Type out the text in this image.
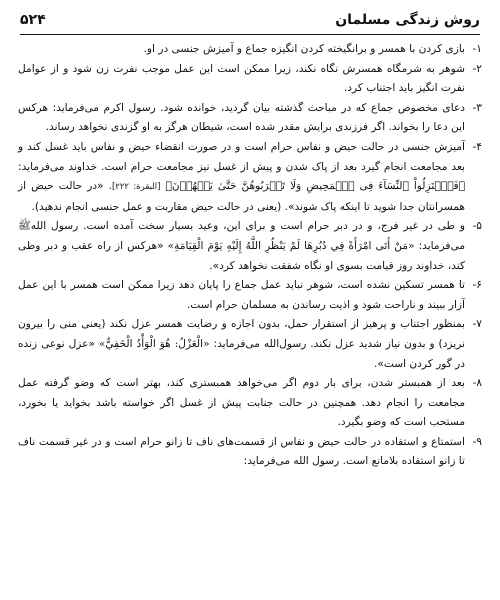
روش زندگی مسلمان
۵۲۴
۱-
بازی کردن با همسر و برانگیخته کردن انگیزه جماع و آمیزش جنسی در او.
۲-
شوهر به شرمگاه همسرش نگاه نکند، زیرا ممکن است این عمل موجب نفرت زن شود و از عوامل نفرت انگیز باید اجتناب کرد.
۳-
دعای مخصوص جماع که در مباحث گذشته بیان گردید، خوانده شود. رسول اکرم می‌فرماید: هرکس این دعا را بخواند. اگر فرزندی برایش مقدر شده است، شیطان هرگز به او گزندی نخواهد رساند.
۴-
آمیزش جنسی در حالت حیض و نفاس حرام است و در صورت انقضاء حیض و نفاس باید غسل کند و بعد مجامعت انجام گیرد بعد از پاک شدن و پیش از غسل نیز مجامعت حرام است. خداوند می‌فرماید: ﴿فَٱعۡتَزِلُواْ ٱلنِّسَآءَ فِی ٱلۡمَحِیضِ وَلَا تَقۡرَبُوهُنَّ حَتَّىٰ یَطۡهُرۡنَ﴾ [البقرة: ۲۲۲]. «در حالت حیض از همسرانتان جدا شوید تا اینکه پاک شوند». (یعنی در حالت حیض مقاربت و عمل جنسی انجام ندهید).
۵-
و طی در غیر فرج، و در دبر حرام است و برای این، وعید بسیار سخت آمده است. رسول اللهﷺ می‌فرماید: «مَنْ أَتَى امْرَأَةً فِي دُبُرِهَا لَمْ يَنْظُرِ اللَّهُ إِلَيْهِ يَوْمَ الْقِيَامَةِ» «هرکس از راه عقب و دبر وطی کند، خداوند روز قیامت بسوی او نگاه شفقت نخواهد کرد».
۶-
تا همسر تسکین نشده است، شوهر نباید عمل جماع را پایان دهد زیرا ممکن است همسر با این عمل آزار ببیند و ناراحت شود و اذیت رساندن به مسلمان حرام است.
۷-
بمنظور اجتناب و پرهیز از استقرار حمل، بدون اجازه و رضایت همسر عزل نکند (یعنی منی را بیرون نریزد) و بدون نیاز شدید عزل نکند. رسول‌الله می‌فرماید: «الْعَزْلُ: هُوَ الْوَأْدُ الْخَفِيُّ» «عزل نوعی زنده در گور کردن است».
۸-
بعد از همبستر شدن، برای بار دوم اگر می‌خواهد همبستری کند، بهتر است که وضو گرفته عمل مجامعت را انجام دهد. همچنین در حالت جنابت پیش از غسل اگر خواسته باشد بخواید یا بخورد، مستحب است که وضو بگیرد.
۹-
استمتاع و استفاده در حالت حیض و نفاس از قسمت‌های ناف تا زانو حرام است و در غیر قسمت ناف تا زانو استفاده بلامانع است. رسول الله می‌فرماید:
